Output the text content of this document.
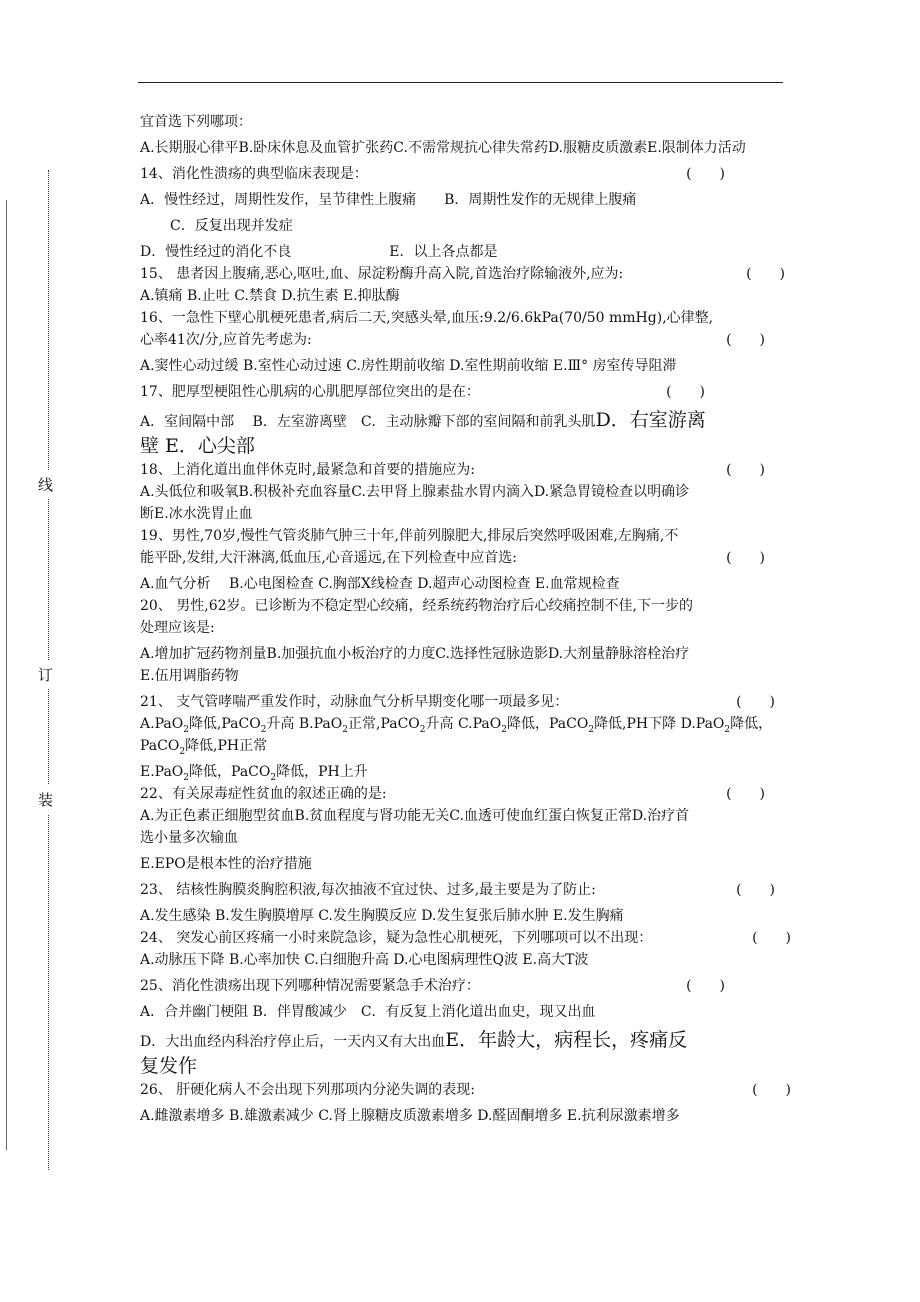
线
订
装
宜首选下列哪项：
A.长期服心律平B.卧床休息及血管扩张药C.不需常规抗心律失常药D.服糖皮质激素E.限制体力活动
14、消化性溃疡的典型临床表现是：	(　　)
A．慢性经过，周期性发作，呈节律性上腹痛　　B．周期性发作的无规律上腹痛
C．反复出现并发症
D．慢性经过的消化不良　　　　　　　E．以上各点都是
15、 患者因上腹痛,恶心,呕吐,血、尿淀粉酶升高入院,首选治疗除输液外,应为:	(　　)
A.镇痛 B.止吐 C.禁食 D.抗生素 E.抑肽酶
16、一急性下壁心肌梗死患者,病后二天,突感头晕,血压:9.2/6.6kPa(70/50 mmHg),心律整,
心率41次/分,应首先考虑为:	(　　)
A.窦性心动过缓 B.室性心动过速 C.房性期前收缩 D.室性期前收缩 E.Ⅲ° 房室传导阻滞
17、肥厚型梗阻性心肌病的心肌肥厚部位突出的是在：	(　　)
A．室间隔中部　 B．左室游离壁　C．主动脉瓣下部的室间隔和前乳头肌D．右室游离
壁 E．心尖部
18、上消化道出血伴休克时,最紧急和首要的措施应为:	(　　)
A.头低位和吸氧B.积极补充血容量C.去甲肾上腺素盐水胃内滴入D.紧急胃镜检查以明确诊
断E.冰水洗胃止血
19、男性,70岁,慢性气管炎肺气肿三十年,伴前列腺肥大,排尿后突然呼吸困难,左胸痛,不
能平卧,发绀,大汗淋漓,低血压,心音遥远,在下列检查中应首选:	(　　)
A.血气分析　 B.心电图检查 C.胸部X线检查 D.超声心动图检查 E.血常规检查
20、 男性,62岁。已诊断为不稳定型心绞痛，经系统药物治疗后心绞痛控制不佳,下一步的
处理应该是:
A.增加扩冠药物剂量B.加强抗血小板治疗的力度C.选择性冠脉造影D.大剂量静脉溶栓治疗
E.伍用调脂药物
21、 支气管哮喘严重发作时，动脉血气分析早期变化哪一项最多见：	(　　)
A.PaO$_2$降低,PaCO$_2$升高 B.PaO$_2$正常,PaCO$_2$升高 C.PaO$_2$降低，PaCO$_2$降低,PH下降 D.PaO$_2$降低，
PaCO$_2$降低,PH正常
E.PaO$_2$降低，PaCO$_2$降低，PH上升
22、有关尿毒症性贫血的叙述正确的是:	(　　)
A.为正色素正细胞型贫血B.贫血程度与肾功能无关C.血透可使血红蛋白恢复正常D.治疗首
选小量多次输血
E.EPO是根本性的治疗措施
23、 结核性胸膜炎胸腔积液,每次抽液不宜过快、过多,最主要是为了防止:	(　　)
A.发生感染 B.发生胸膜增厚 C.发生胸膜反应 D.发生复张后肺水肿 E.发生胸痛
24、 突发心前区疼痛一小时来院急诊，疑为急性心肌梗死，下列哪项可以不出现：	(　　)
A.动脉压下降 B.心率加快 C.白细胞升高 D.心电图病理性Q波 E.高大T波
25、消化性溃疡出现下列哪种情况需要紧急手术治疗：	(　　)
A．合并幽门梗阻 B．伴胃酸减少　C．有反复上消化道出血史，现又出血
D．大出血经内科治疗停止后，一天内又有大出血E．年龄大，病程长，疼痛反
复发作
26、 肝硬化病人不会出现下列那项内分泌失调的表现:	(　　)
A.雌激素增多 B.雄激素减少 C.肾上腺糖皮质激素增多 D.醛固酮增多 E.抗利尿激素增多
